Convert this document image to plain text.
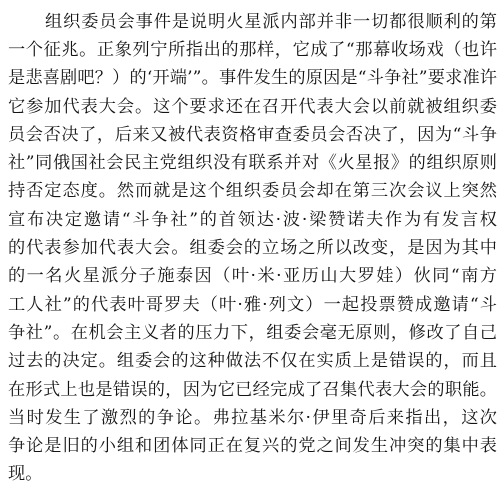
组织委员会事件是说明火星派内部并非一切都很顺利的第
一个征兆。正象列宁所指出的那样，它成了“那幕收场戏（也许
是悲喜剧吧？）的‘开端’”。事件发生的原因是“斗争社”要求准许
它参加代表大会。这个要求还在召开代表大会以前就被组织委
员会否决了，后来又被代表资格审查委员会否决了，因为“斗争
社”同俄国社会民主党组织没有联系并对《火星报》的组织原则
持否定态度。然而就是这个组织委员会却在第三次会议上突然
宣布决定邀请“斗争社”的首领达·波·梁赞诺夫作为有发言权
的代表参加代表大会。组委会的立场之所以改变，是因为其中
的一名火星派分子施泰因（叶·米·亚历山大罗娃）伙同“南方
工人社”的代表叶哥罗夫（叶·雅·列文）一起投票赞成邀请“斗
争社”。在机会主义者的压力下，组委会毫无原则，修改了自己
过去的决定。组委会的这种做法不仅在实质上是错误的，而且
在形式上也是错误的，因为它已经完成了召集代表大会的职能。
当时发生了激烈的争论。弗拉基米尔·伊里奇后来指出，这次
争论是旧的小组和团体同正在复兴的党之间发生冲突的集中表
现。
